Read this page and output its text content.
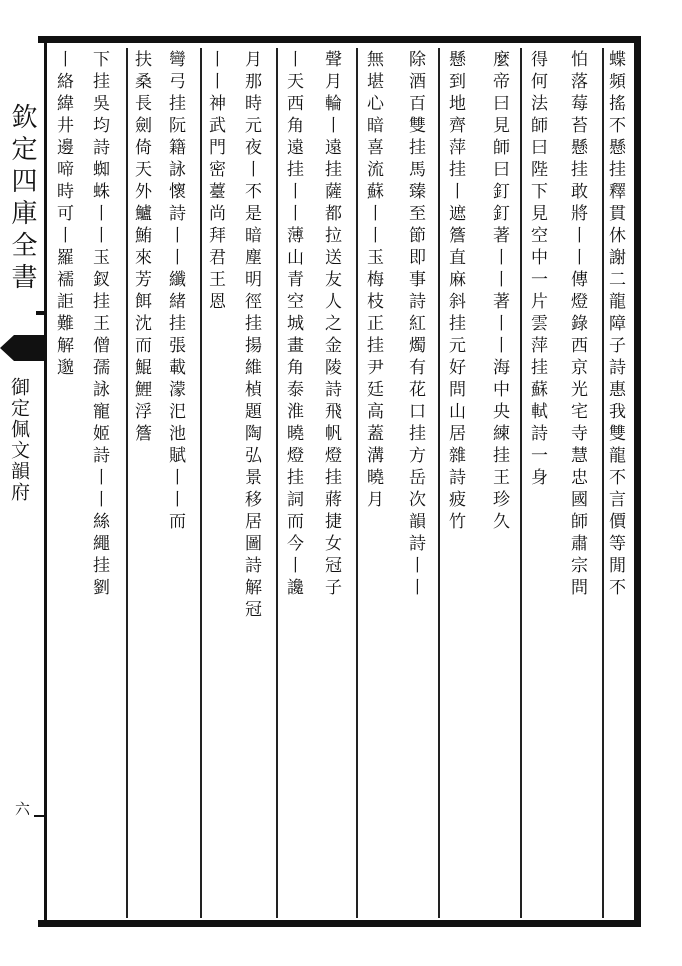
欽定四庫全書
御定佩文韻府
六
蝶頻搖不懸挂釋貫休謝二龍障子詩惠我雙龍不言價等閒不
怕落莓苔懸挂敢將丨丨傳燈錄西京光宅寺慧忠國師肅宗問
得何法師曰陛下見空中一片雲萍挂蘇軾詩一身
麼帝曰見師曰釘釘著丨丨著丨丨海中央練挂王珍久
懸到地齊萍挂丨遮簷直麻斜挂元好問山居雜詩疲竹
除酒百雙挂馬臻至節即事詩紅燭有花口挂方岳次韻詩丨丨
無堪心暗喜流蘇丨丨玉梅枝正挂尹廷高蓋溝曉月
聲月輪丨遠挂薩都拉送友人之金陵詩飛帆燈挂蔣捷女冠子
丨天西角遠挂丨丨薄山青空城畫角泰淮曉燈挂詞而今丨讒
月那時元夜丨不是暗塵明徑挂揚維楨題陶弘景移居圖詩解冠
丨丨神武門密薹尚拜君王恩
彎弓挂阮籍詠懷詩丨丨纖緒挂張載濛汜池賦丨丨而
扶桑長劍倚天外鱸鮪來芳餌沈而鯤鯉浮簷
下挂吳均詩蜘蛛丨丨玉釵挂王僧孺詠寵姬詩丨丨絲繩挂劉
丨絡緯井邊啼時可丨羅襦詎難解邈
